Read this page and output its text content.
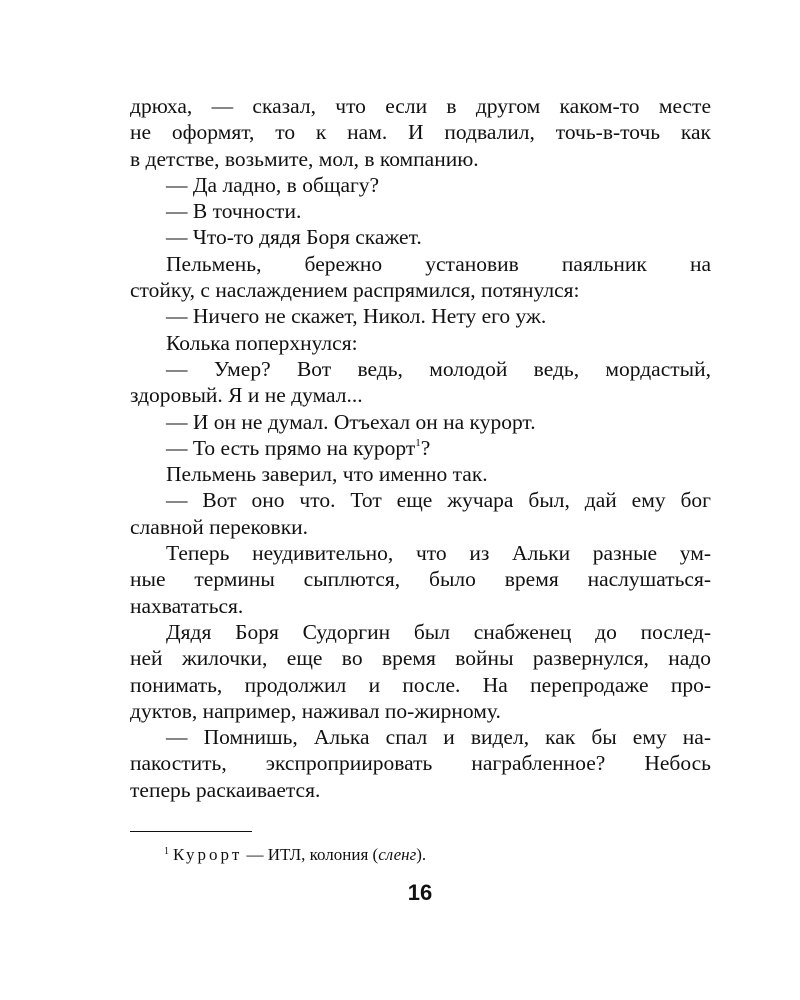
дрюха, — сказал, что если в другом каком-то месте
не оформят, то к нам. И подвалил, точь-в-точь как
в детстве, возьмите, мол, в компанию.
— Да ладно, в общагу?
— В точности.
— Что-то дядя Боря скажет.
Пельмень, бережно установив паяльник на
стойку, с наслаждением распрямился, потянулся:
— Ничего не скажет, Никол. Нету его уж.
Колька поперхнулся:
— Умер? Вот ведь, молодой ведь, мордастый,
здоровый. Я и не думал...
— И он не думал. Отъехал он на курорт.
— То есть прямо на курорт$^1$?
Пельмень заверил, что именно так.
— Вот оно что. Тот еще жучара был, дай ему бог
славной перековки.
Теперь неудивительно, что из Альки разные ум-
ные термины сыплются, было время наслушаться-
нахвататься.
Дядя Боря Судоргин был снабженец до послед-
ней жилочки, еще во время войны развернулся, надо
понимать, продолжил и после. На перепродаже про-
дуктов, например, наживал по-жирному.
— Помнишь, Алька спал и видел, как бы ему на-
пакостить, экспроприировать награбленное? Небось
теперь раскаивается.
$^1$ Курорт — ИТЛ, колония (сленг).
16
